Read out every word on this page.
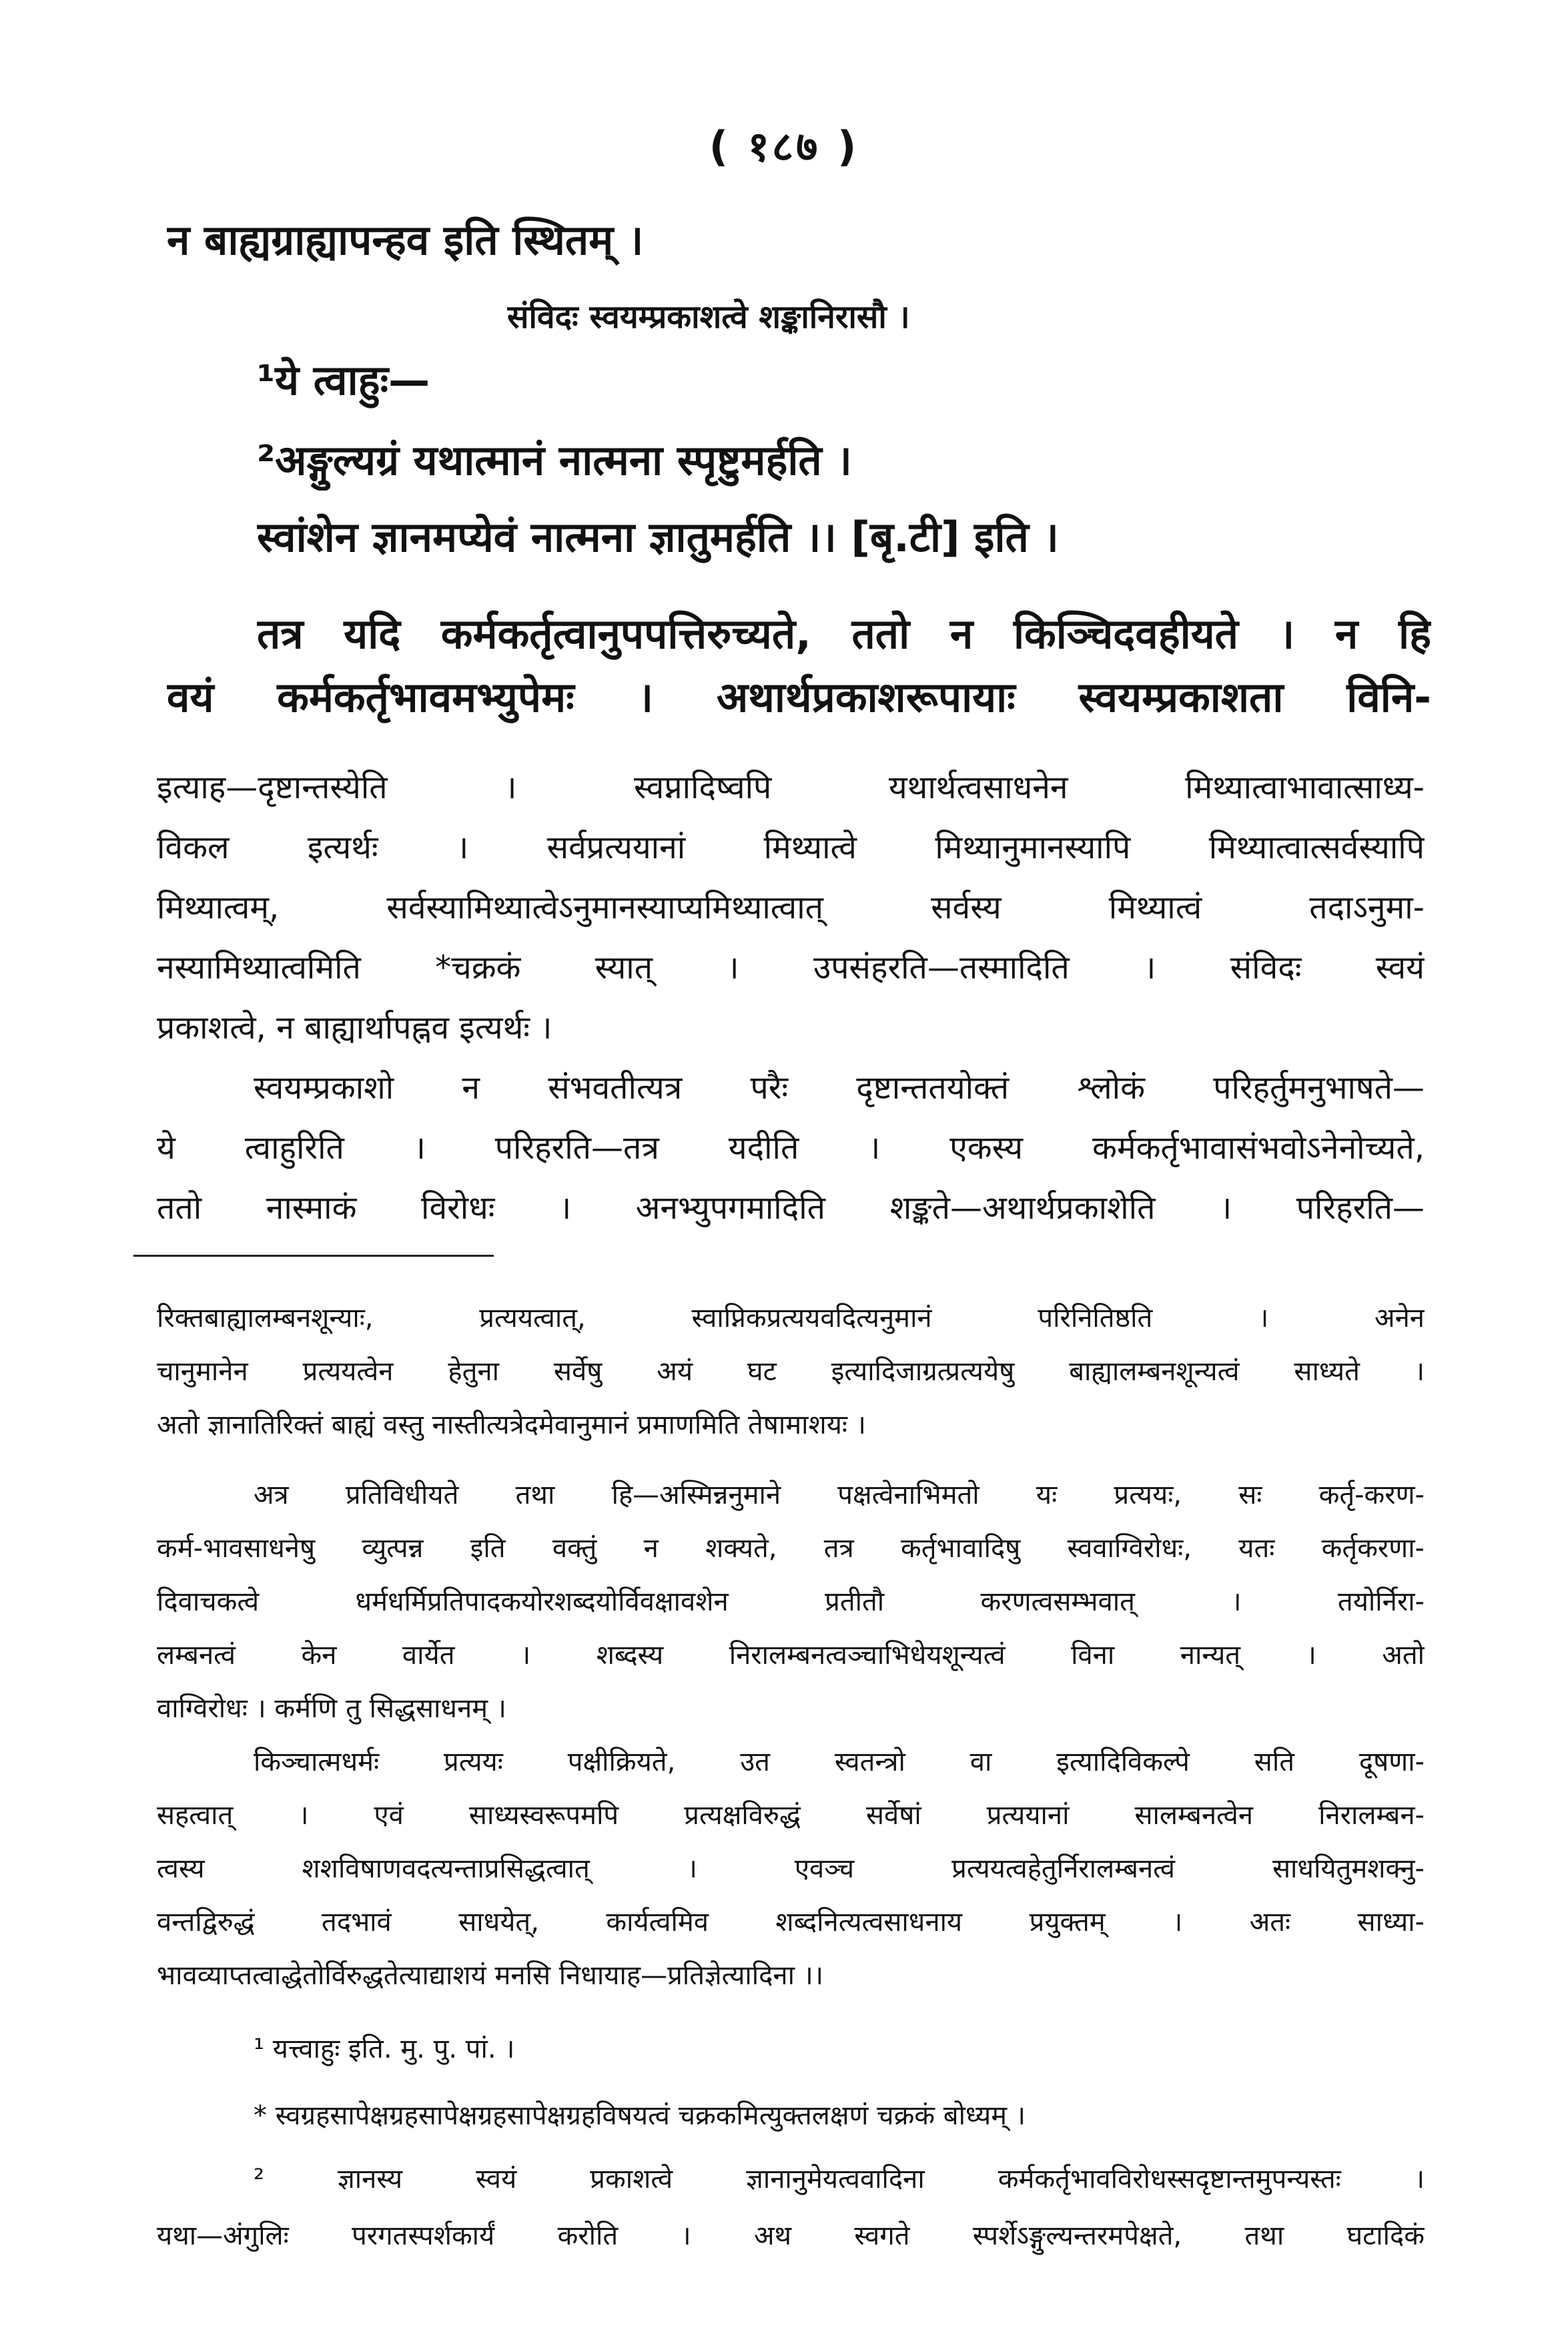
( १८७ )
न बाह्यग्राह्यापन्हव इति स्थितम् ।
संविदः स्वयम्प्रकाशत्वे शङ्कानिरासौ ।
¹ये त्वाहुः—
²अङ्गुल्यग्रं यथात्मानं नात्मना स्पृष्टुमर्हति ।
स्वांशेन ज्ञानमप्येवं नात्मना ज्ञातुमर्हति ।। [बृ.टी] इति ।
तत्र यदि कर्मकर्तृत्वानुपपत्तिरुच्यते, ततो न किञ्चिदवहीयते । न हि
वयं कर्मकर्तृभावमभ्युपेमः । अथार्थप्रकाशरूपायाः स्वयम्प्रकाशता विनि-
इत्याह—दृष्टान्तस्येति । स्वप्नादिष्वपि यथार्थत्वसाधनेन मिथ्यात्वाभावात्साध्य-
विकल इत्यर्थः । सर्वप्रत्ययानां मिथ्यात्वे मिथ्यानुमानस्यापि मिथ्यात्वात्सर्वस्यापि
मिथ्यात्वम्, सर्वस्यामिथ्यात्वेऽनुमानस्याप्यमिथ्यात्वात् सर्वस्य मिथ्यात्वं तदाऽनुमा-
नस्यामिथ्यात्वमिति *चक्रकं स्यात् । उपसंहरति—तस्मादिति । संविदः स्वयं
प्रकाशत्वे, न बाह्यार्थापह्नव इत्यर्थः ।
स्वयम्प्रकाशो न संभवतीत्यत्र परैः दृष्टान्ततयोक्तं श्लोकं परिहर्तुमनुभाषते—
ये त्वाहुरिति । परिहरति—तत्र यदीति । एकस्य कर्मकर्तृभावासंभवोऽनेनोच्यते,
ततो नास्माकं विरोधः । अनभ्युपगमादिति शङ्कते—अथार्थप्रकाशेति । परिहरति—
रिक्तबाह्यालम्बनशून्याः, प्रत्ययत्वात्, स्वाप्निकप्रत्ययवदित्यनुमानं परिनितिष्ठति । अनेन
चानुमानेन प्रत्ययत्वेन हेतुना सर्वेषु अयं घट इत्यादिजाग्रत्प्रत्ययेषु बाह्यालम्बनशून्यत्वं साध्यते ।
अतो ज्ञानातिरिक्तं बाह्यं वस्तु नास्तीत्यत्रेदमेवानुमानं प्रमाणमिति तेषामाशयः ।
अत्र प्रतिविधीयते तथा हि—अस्मिन्ननुमाने पक्षत्वेनाभिमतो यः प्रत्ययः, सः कर्तृ-करण-
कर्म-भावसाधनेषु व्युत्पन्न इति वक्तुं न शक्यते, तत्र कर्तृभावादिषु स्ववाग्विरोधः, यतः कर्तृकरणा-
दिवाचकत्वे धर्मधर्मिप्रतिपादकयोरशब्दयोर्विवक्षावशेन प्रतीतौ करणत्वसम्भवात् । तयोर्निरा-
लम्बनत्वं केन वार्येत । शब्दस्य निरालम्बनत्वञ्चाभिधेयशून्यत्वं विना नान्यत् । अतो
वाग्विरोधः । कर्मणि तु सिद्धसाधनम् ।
किञ्चात्मधर्मः प्रत्ययः पक्षीक्रियते, उत स्वतन्त्रो वा इत्यादिविकल्पे सति दूषणा-
सहत्वात् । एवं साध्यस्वरूपमपि प्रत्यक्षविरुद्धं सर्वेषां प्रत्ययानां सालम्बनत्वेन निरालम्बन-
त्वस्य शशविषाणवदत्यन्ताप्रसिद्धत्वात् । एवञ्च प्रत्ययत्वहेतुर्निरालम्बनत्वं साधयितुमशक्नु-
वन्तद्विरुद्धं तदभावं साधयेत्, कार्यत्वमिव शब्दनित्यत्वसाधनाय प्रयुक्तम् । अतः साध्या-
भावव्याप्तत्वाद्धेतोर्विरुद्धतेत्याद्याशयं मनसि निधायाह—प्रतिज्ञेत्यादिना ।।
¹ यत्त्वाहुः इति. मु. पु. पां. ।
* स्वग्रहसापेक्षग्रहसापेक्षग्रहसापेक्षग्रहविषयत्वं चक्रकमित्युक्तलक्षणं चक्रकं बोध्यम् ।
² ज्ञानस्य स्वयं प्रकाशत्वे ज्ञानानुमेयत्ववादिना कर्मकर्तृभावविरोधस्सदृष्टान्तमुपन्यस्तः ।
यथा—अंगुलिः परगतस्पर्शकार्यं करोति । अथ स्वगते स्पर्शेऽङ्गुल्यन्तरमपेक्षते, तथा घटादिकं
